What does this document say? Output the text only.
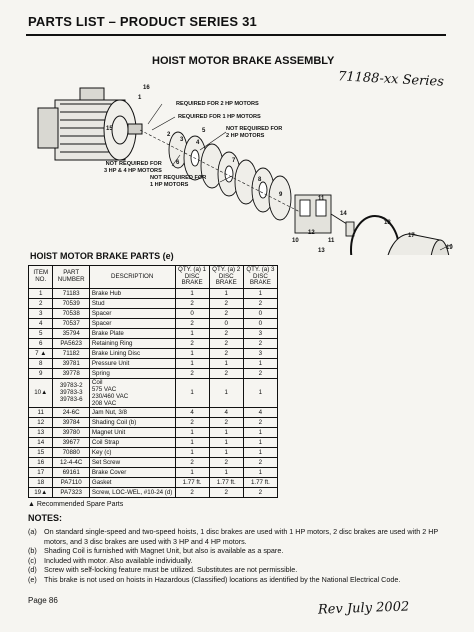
PARTS LIST – PRODUCT SERIES 31
HOIST MOTOR BRAKE ASSEMBLY
71188-xx Series
REQUIRED FOR 2 HP MOTORS
REQUIRED FOR 1 HP MOTORS
NOT REQUIRED FOR
2 HP MOTORS
NOT REQUIRED FOR
3 HP & 4 HP MOTORS
NOT REQUIRED FOR
1 HP MOTORS
16
1
15
2
3 4
5
6	7
8
9
11
11
10
12
14
13	19
17
18
HOIST MOTOR BRAKE PARTS (e)
ITEM NO.	PART NUMBER	DESCRIPTION	QTY. (a) 1 DISC BRAKE	QTY. (a) 2 DISC BRAKE	QTY. (a) 3 DISC BRAKE
1	71183	Brake Hub	1	1	1
2	70539	Stud	2	2	2
3	70538	Spacer	0	2	0
4	70537	Spacer	2	0	0
5	35794	Brake Plate	1	2	3
6	PA5623	Retaining Ring	2	2	2
7 ▲	71182	Brake Lining Disc	1	2	3
8	39781	Pressure Unit	1	1	1
9	39778	Spring	2	2	2
10▲	39783-2
39783-3
39783-6	Coil
575 VAC
230/460 VAC
208 VAC	1	1	1
11	24-6C	Jam Nut, 3/8	4	4	4
12	39784	Shading Coil (b)	2	2	2
13	39780	Magnet Unit	1	1	1
14	39677	Coil Strap	1	1	1
15	70880	Key (c)	1	1	1
16	12-4-4C	Set Screw	2	2	2
17	69161	Brake Cover	1	1	1
18	PA7110	Gasket	1.77 ft.	1.77 ft.	1.77 ft.
19▲	PA7323	Screw, LOC-WEL, #10-24 (d)	2	2	2
▲ Recommended Spare Parts
NOTES:
(a)	On standard single-speed and two-speed hoists, 1 disc brakes are used with 1 HP motors, 2 disc brakes are used with 2 HP motors, and 3 disc brakes are used with 3 HP and 4 HP motors.
(b)	Shading Coil is furnished with Magnet Unit, but also is available as a spare.
(c)	Included with motor. Also available individually.
(d)	Screw with self-locking feature must be utilized. Substitutes are not permissible.
(e)	This brake is not used on hoists in Hazardous (Classified) locations as identified by the National Electrical Code.
Page 86	Rev July 2002
